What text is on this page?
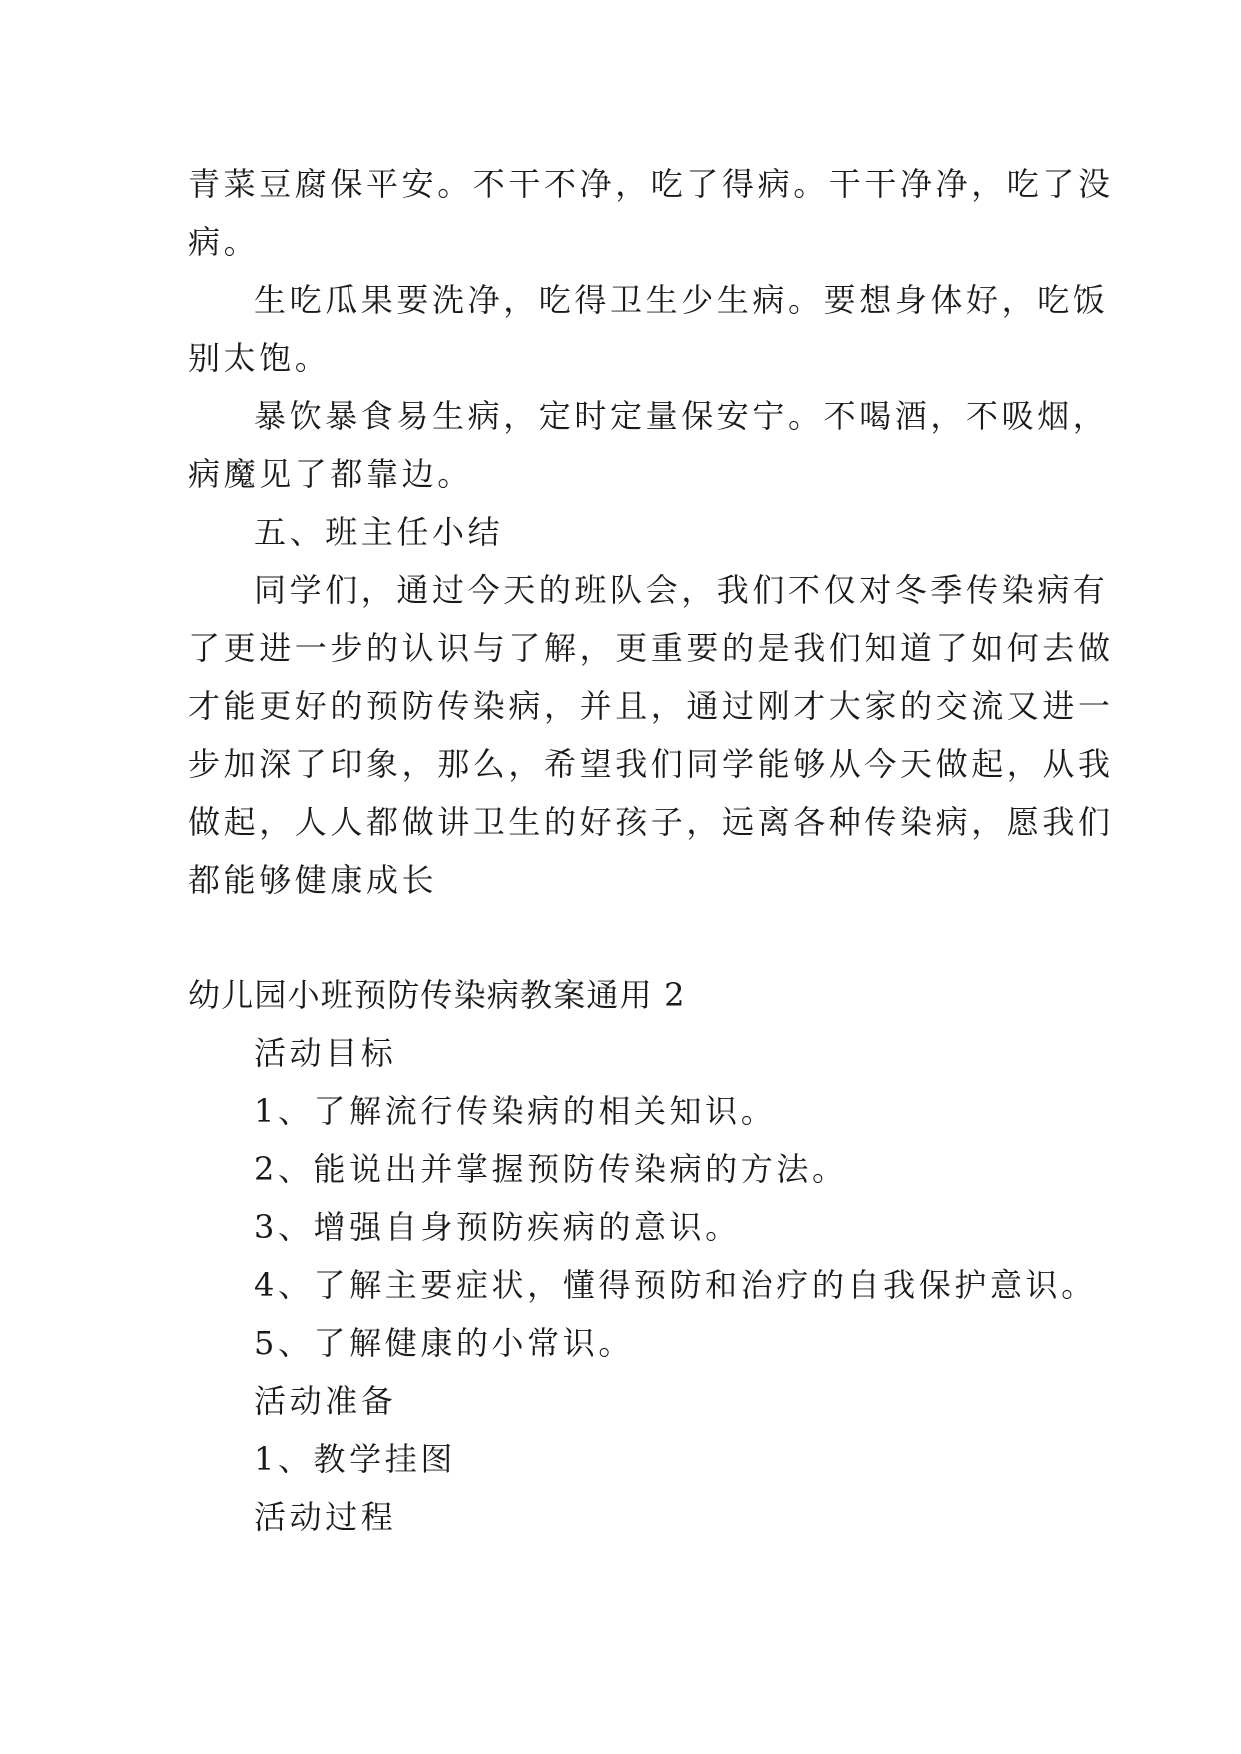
青菜豆腐保平安。不干不净，吃了得病。干干净净，吃了没
病。
生吃瓜果要洗净，吃得卫生少生病。要想身体好，吃饭
别太饱。
暴饮暴食易生病，定时定量保安宁。不喝酒，不吸烟，
病魔见了都靠边。
五、班主任小结
同学们，通过今天的班队会，我们不仅对冬季传染病有
了更进一步的认识与了解，更重要的是我们知道了如何去做
才能更好的预防传染病，并且，通过刚才大家的交流又进一
步加深了印象，那么，希望我们同学能够从今天做起，从我
做起，人人都做讲卫生的好孩子，远离各种传染病，愿我们
都能够健康成长
幼儿园小班预防传染病教案通用 2
活动目标
1、了解流行传染病的相关知识。
2、能说出并掌握预防传染病的方法。
3、增强自身预防疾病的意识。
4、了解主要症状，懂得预防和治疗的自我保护意识。
5、了解健康的小常识。
活动准备
1、教学挂图
活动过程
